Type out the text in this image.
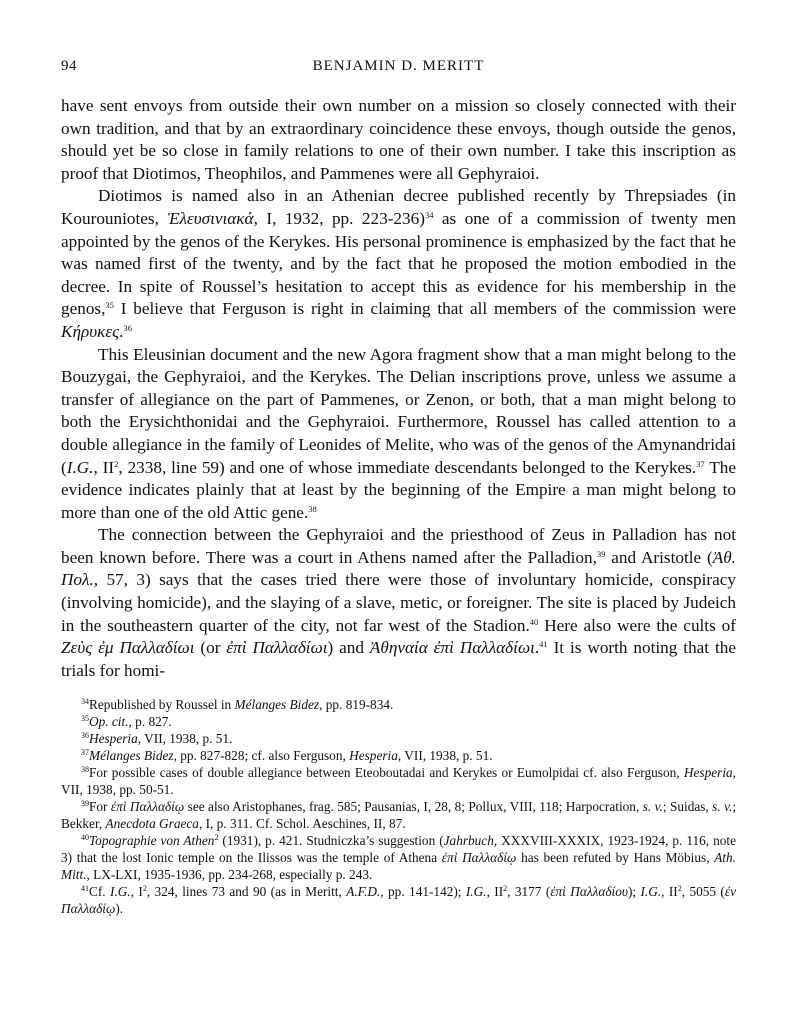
94	BENJAMIN D. MERITT

have sent envoys from outside their own number on a mission so closely connected with their own tradition, and that by an extraordinary coincidence these envoys, though outside the genos, should yet be so close in family relations to one of their own number. I take this inscription as proof that Diotimos, Theophilos, and Pammenes were all Gephyraioi.

Diotimos is named also in an Athenian decree published recently by Threpsiades (in Kourouniotes, Ἐλευσινιακά, I, 1932, pp. 223-236)$^{34}$ as one of a commission of twenty men appointed by the genos of the Kerykes. His personal prominence is emphasized by the fact that he was named first of the twenty, and by the fact that he proposed the motion embodied in the decree. In spite of Roussel’s hesitation to accept this as evidence for his membership in the genos,$^{35}$ I believe that Ferguson is right in claiming that all members of the commission were Κήρυκες.$^{36}$

This Eleusinian document and the new Agora fragment show that a man might belong to the Bouzygai, the Gephyraioi, and the Kerykes. The Delian inscriptions prove, unless we assume a transfer of allegiance on the part of Pammenes, or Zenon, or both, that a man might belong to both the Erysichthonidai and the Gephyraioi. Furthermore, Roussel has called attention to a double allegiance in the family of Leonides of Melite, who was of the genos of the Amynandridai (I.G., $II^2$, 2338, line 59) and one of whose immediate descendants belonged to the Kerykes.$^{37}$ The evidence indicates plainly that at least by the beginning of the Empire a man might belong to more than one of the old Attic gene.$^{38}$

The connection between the Gephyraioi and the priesthood of Zeus in Palladion has not been known before. There was a court in Athens named after the Palladion,$^{39}$ and Aristotle (Ἀθ. Πολ., 57, 3) says that the cases tried there were those of involuntary homicide, conspiracy (involving homicide), and the slaying of a slave, metic, or foreigner. The site is placed by Judeich in the southeastern quarter of the city, not far west of the Stadion.$^{40}$ Here also were the cults of Ζεὺς ἐμ Παλλαδίωι (or ἐπὶ Παλλαδίωι) and Ἀθηναία ἐπὶ Παλλαδίωι.$^{41}$ It is worth noting that the trials for homi-

$^{34}$Republished by Roussel in Mélanges Bidez, pp. 819-834.

$^{35}$Op. cit., p. 827.

$^{36}$Hesperia, VII, 1938, p. 51.

$^{37}$Mélanges Bidez, pp. 827-828; cf. also Ferguson, Hesperia, VII, 1938, p. 51.

$^{38}$For possible cases of double allegiance between Eteoboutadai and Kerykes or Eumolpidai cf. also Ferguson, Hesperia, VII, 1938, pp. 50-51.

$^{39}$For ἐπὶ Παλλαδίῳ see also Aristophanes, frag. 585; Pausanias, I, 28, 8; Pollux, VIII, 118; Harpocration, s. v.; Suidas, s. v.; Bekker, Anecdota Graeca, I, p. 311. Cf. Schol. Aeschines, II, 87.

$^{40}$Topographie von Athen$^2$ (1931), p. 421. Studniczka’s suggestion (Jahrbuch, XXXVIII-XXXIX, 1923-1924, p. 116, note 3) that the lost Ionic temple on the Ilissos was the temple of Athena ἐπὶ Παλλαδίῳ has been refuted by Hans Möbius, Ath. Mitt., LX-LXI, 1935-1936, pp. 234-268, especially p. 243.

$^{41}$Cf. I.G., $I^2$, 324, lines 73 and 90 (as in Meritt, A.F.D., pp. 141-142); I.G., $II^2$, 3177 (ἐπὶ Παλλαδίου); I.G., $II^2$, 5055 (ἐν Παλλαδίῳ).
